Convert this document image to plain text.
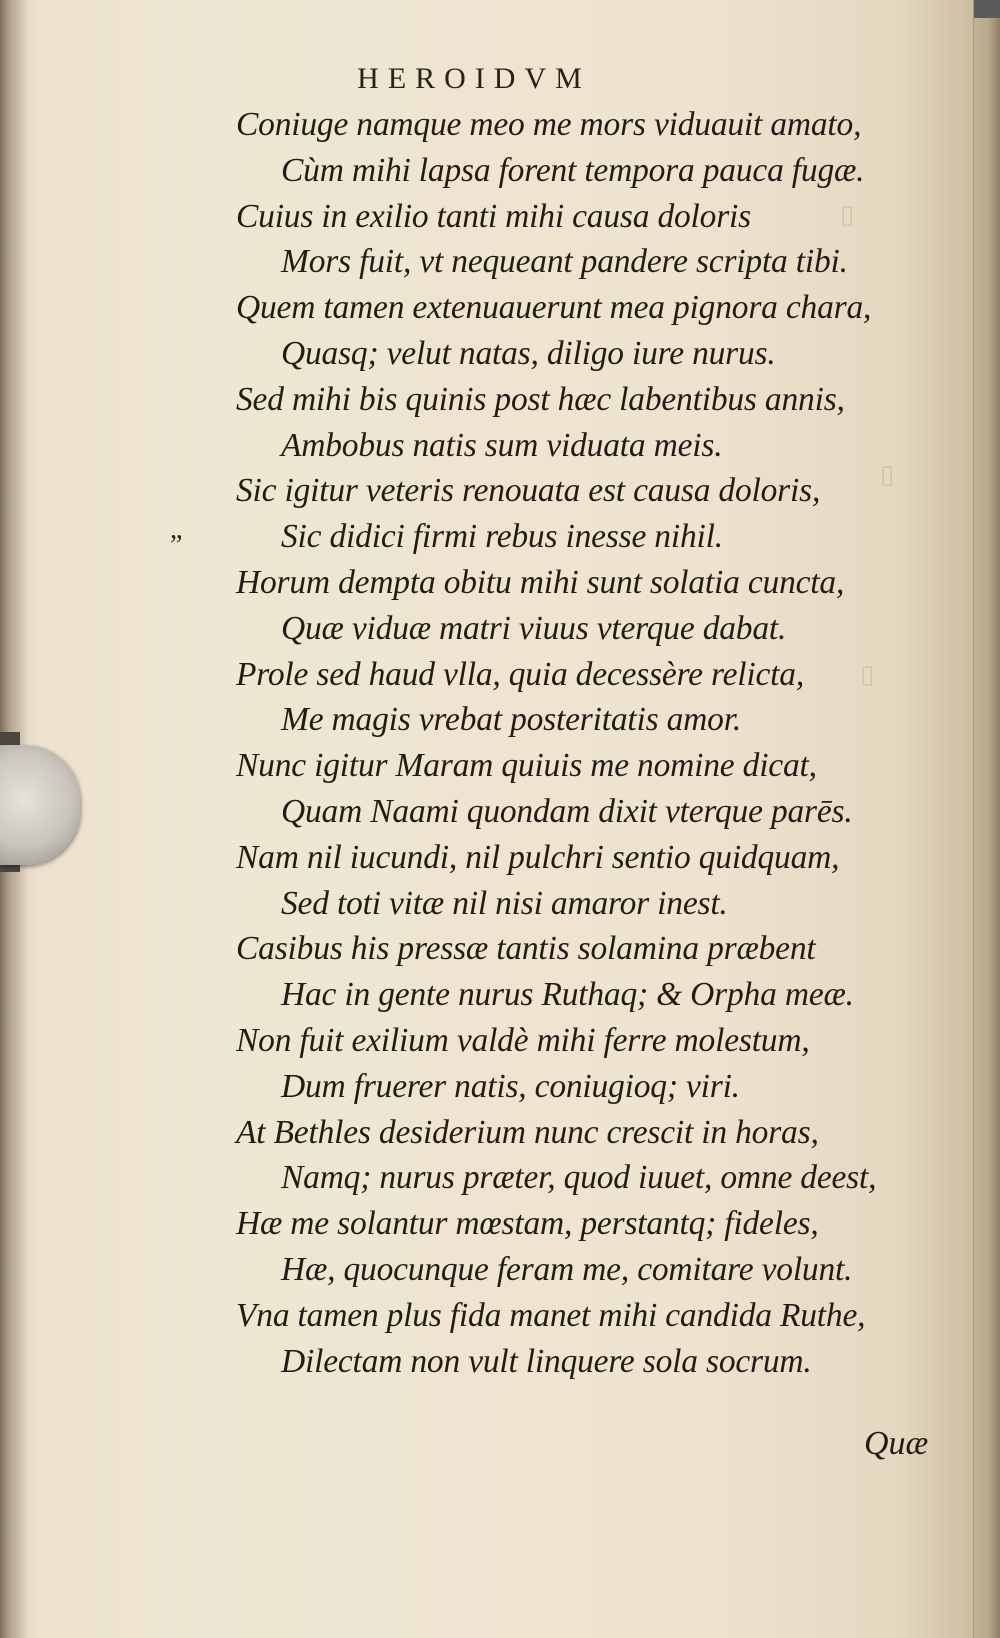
▯
▯
▯
HEROIDVM
Coniuge namque meo me mors viduauit amato,
Cùm mihi lapsa forent tempora pauca fugæ.
Cuius in exilio tanti mihi causa doloris
Mors fuit, vt nequeant pandere scripta tibi.
Quem tamen extenuauerunt mea pignora chara,
Quasq; velut natas, diligo iure nurus.
Sed mihi bis quinis post hæc labentibus annis,
Ambobus natis sum viduata meis.
Sic igitur veteris renouata est causa doloris,
Sic didici firmi rebus inesse nihil.
Horum dempta obitu mihi sunt solatia cuncta,
Quæ viduæ matri viuus vterque dabat.
Prole sed haud vlla, quia decessère relicta,
Me magis vrebat posteritatis amor.
Nunc igitur Maram quiuis me nomine dicat,
Quam Naami quondam dixit vterque parēs.
Nam nil iucundi, nil pulchri sentio quidquam,
Sed toti vitæ nil nisi amaror inest.
Casibus his pressæ tantis solamina præbent
Hac in gente nurus Ruthaq; & Orpha meæ.
Non fuit exilium valdè mihi ferre molestum,
Dum fruerer natis, coniugioq; viri.
At Bethles desiderium nunc crescit in horas,
Namq; nurus præter, quod iuuet, omne deest,
Hæ me solantur mœstam, perstantq; fideles,
Hæ, quocunque feram me, comitare volunt.
Vna tamen plus fida manet mihi candida Ruthe,
Dilectam non vult linquere sola socrum.
”
Quæ
